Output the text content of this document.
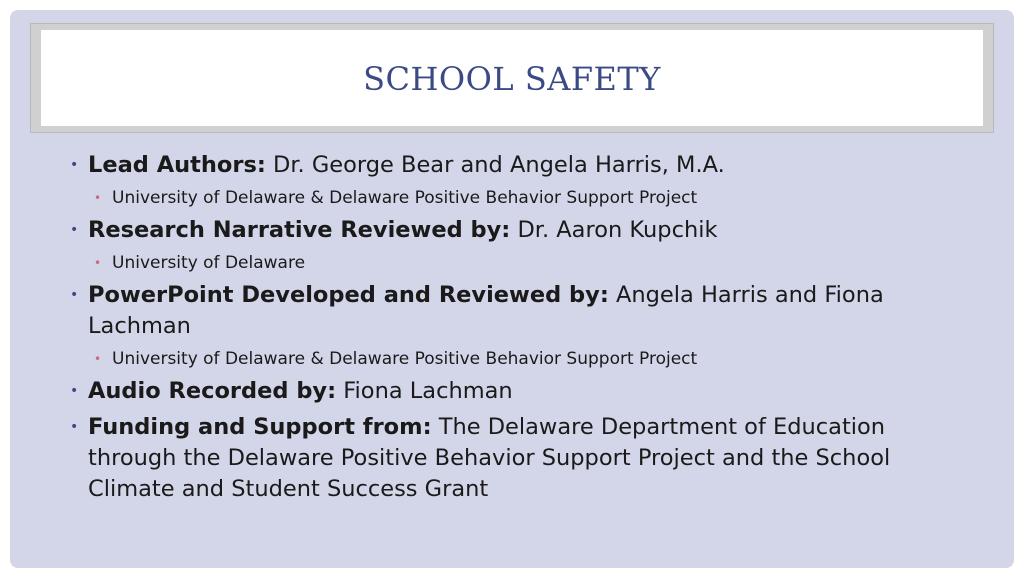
SCHOOL SAFETY

• Lead Authors: Dr. George Bear and Angela Harris, M.A.

• University of Delaware & Delaware Positive Behavior Support Project

• Research Narrative Reviewed by: Dr. Aaron Kupchik

• University of Delaware

• PowerPoint Developed and Reviewed by: Angela Harris and Fiona Lachman

• University of Delaware & Delaware Positive Behavior Support Project

• Audio Recorded by: Fiona Lachman

• Funding and Support from: The Delaware Department of Education through the Delaware Positive Behavior Support Project and the School Climate and Student Success Grant
